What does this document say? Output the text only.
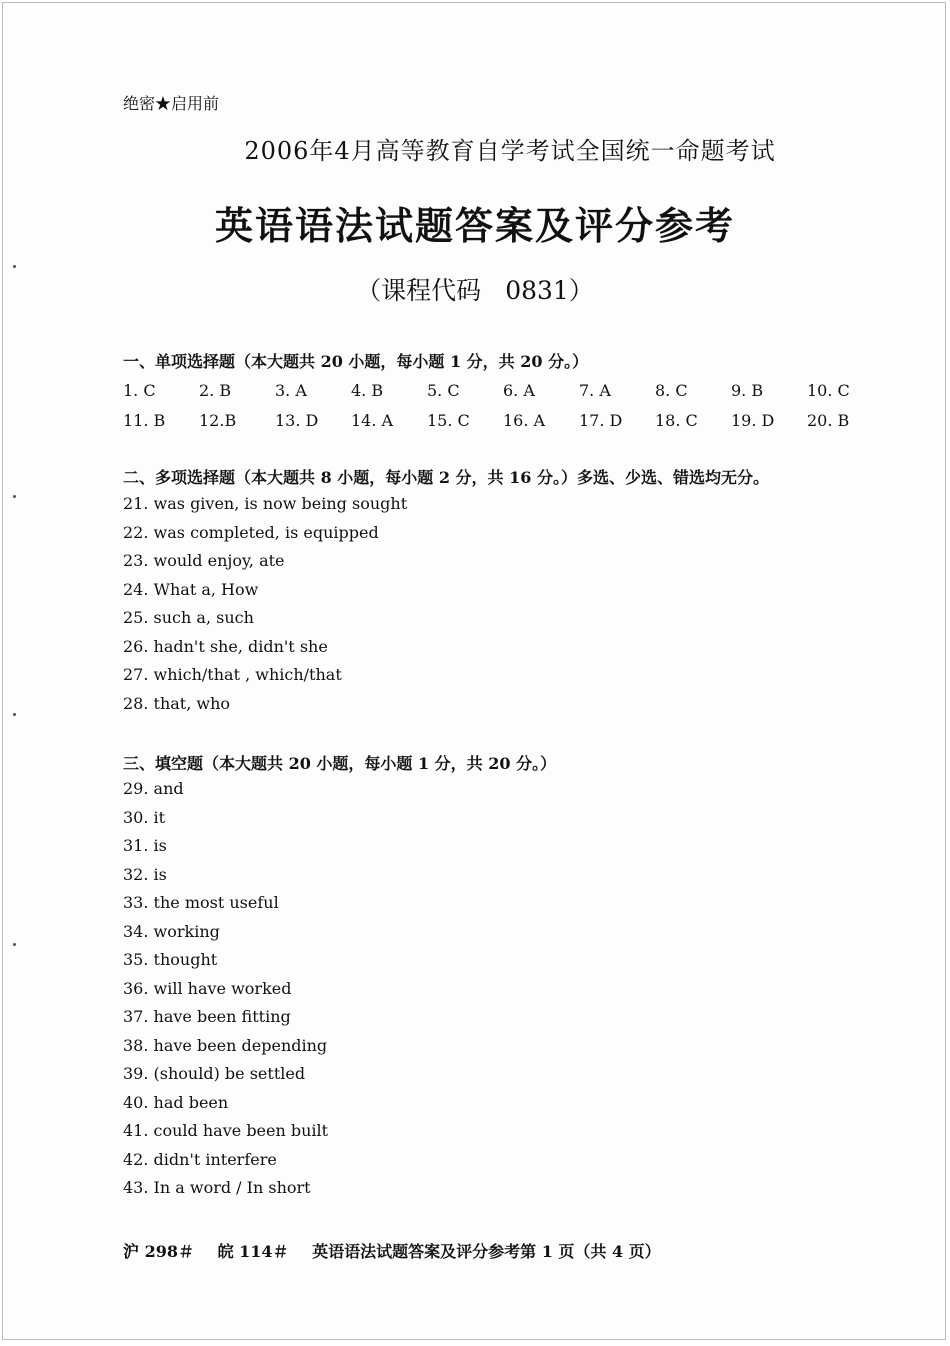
绝密★启用前
2006年4月高等教育自学考试全国统一命题考试
英语语法试题答案及评分参考
（课程代码 0831）
一、单项选择题（本大题共 20 小题，每小题 1 分，共 20 分。）
1. C	2. B	3. A	4. B	5. C	6. A	7. A	8. C	9. B	10. C
11. B	12.B	13. D	14. A	15. C	16. A	17. D	18. C	19. D	20. B
二、多项选择题（本大题共 8 小题，每小题 2 分，共 16 分。）多选、少选、错选均无分。
21. was given, is now being sought
22. was completed, is equipped
23. would enjoy, ate
24. What a, How
25. such a, such
26. hadn't she, didn't she
27. which/that , which/that
28. that, who
三、填空题（本大题共 20 小题，每小题 1 分，共 20 分。）
29. and
30. it
31. is
32. is
33. the most useful
34. working
35. thought
36. will have worked
37. have been fitting
38. have been depending
39. (should) be settled
40. had been
41. could have been built
42. didn't interfere
43. In a word / In short
沪 298＃ 皖 114＃ 英语语法试题答案及评分参考第 1 页（共 4 页）
